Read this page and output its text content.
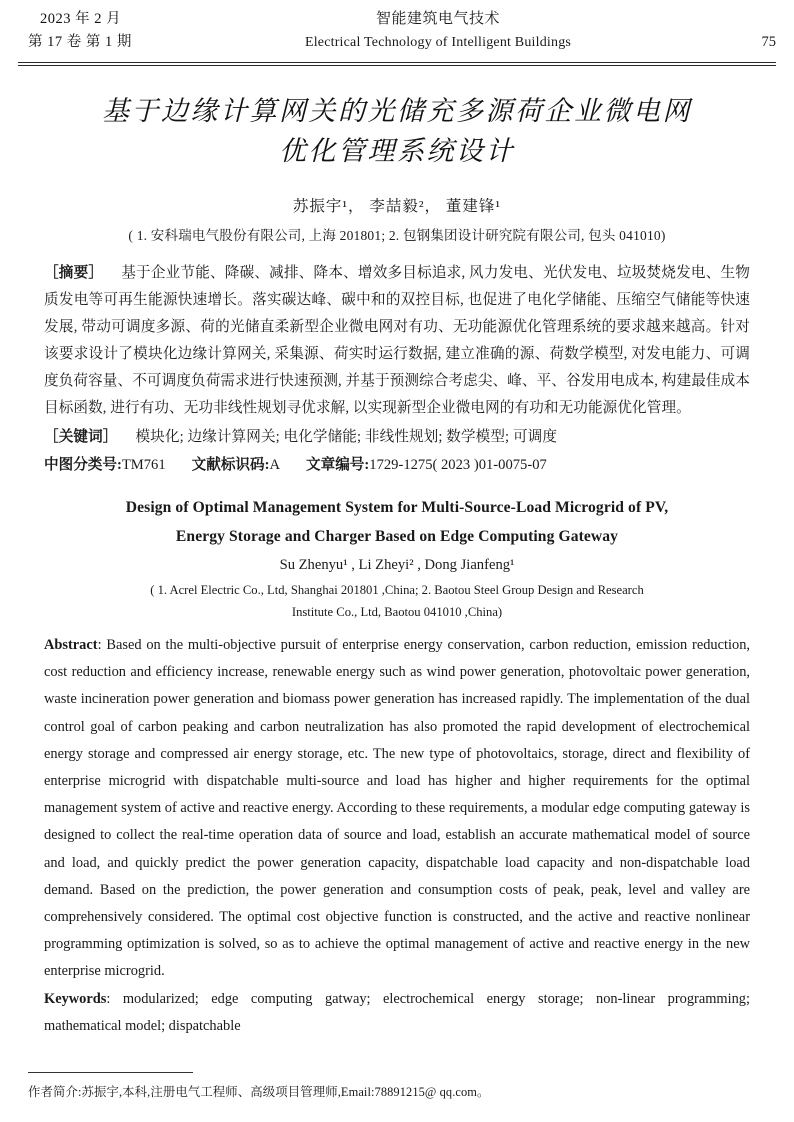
2023 年 2 月
第 17 卷 第 1 期
智能建筑电气技术
Electrical Technology of Intelligent Buildings	75
基于边缘计算网关的光储充多源荷企业微电网
优化管理系统设计
苏振宇¹， 李喆毅²， 董建锋¹
( 1. 安科瑞电气股份有限公司, 上海 201801; 2. 包钢集团设计研究院有限公司, 包头 041010)
［摘要］ 基于企业节能、降碳、减排、降本、增效多目标追求, 风力发电、光伏发电、垃圾焚烧发电、生物质发电等可再生能源快速增长。落实碳达峰、碳中和的双控目标, 也促进了电化学储能、压缩空气储能等快速发展, 带动可调度多源、荷的光储直柔新型企业微电网对有功、无功能源优化管理系统的要求越来越高。针对该要求设计了模块化边缘计算网关, 采集源、荷实时运行数据, 建立准确的源、荷数学模型, 对发电能力、可调度负荷容量、不可调度负荷需求进行快速预测, 并基于预测综合考虑尖、峰、平、谷发用电成本, 构建最佳成本目标函数, 进行有功、无功非线性规划寻优求解, 以实现新型企业微电网的有功和无功能源优化管理。
［关键词］ 模块化; 边缘计算网关; 电化学储能; 非线性规划; 数学模型; 可调度
中图分类号:TM761 文献标识码:A 文章编号:1729-1275( 2023 )01-0075-07
Design of Optimal Management System for Multi-Source-Load Microgrid of PV,
Energy Storage and Charger Based on Edge Computing Gateway
Su Zhenyu¹ , Li Zheyi² , Dong Jianfeng¹
( 1. Acrel Electric Co., Ltd, Shanghai 201801 ,China; 2. Baotou Steel Group Design and Research
Institute Co., Ltd, Baotou 041010 ,China)

Abstract: Based on the multi-objective pursuit of enterprise energy conservation, carbon reduction, emission reduction, cost reduction and efficiency increase, renewable energy such as wind power generation, photovoltaic power generation, waste incineration power generation and biomass power generation has increased rapidly. The implementation of the dual control goal of carbon peaking and carbon neutralization has also promoted the rapid development of electrochemical energy storage and compressed air energy storage, etc. The new type of photovoltaics, storage, direct and flexibility of enterprise microgrid with dispatchable multi-source and load has higher and higher requirements for the optimal management system of active and reactive energy. According to these requirements, a modular edge computing gateway is designed to collect the real-time operation data of source and load, establish an accurate mathematical model of source and load, and quickly predict the power generation capacity, dispatchable load capacity and non-dispatchable load demand. Based on the prediction, the power generation and consumption costs of peak, peak, level and valley are comprehensively considered. The optimal cost objective function is constructed, and the active and reactive nonlinear programming optimization is solved, so as to achieve the optimal management of active and reactive energy in the new enterprise microgrid.

Keywords: modularized; edge computing gatway; electrochemical energy storage; non-linear programming; mathematical model; dispatchable
作者简介:苏振宇,本科,注册电气工程师、高级项目管理师,Email:78891215@ qq.com。
